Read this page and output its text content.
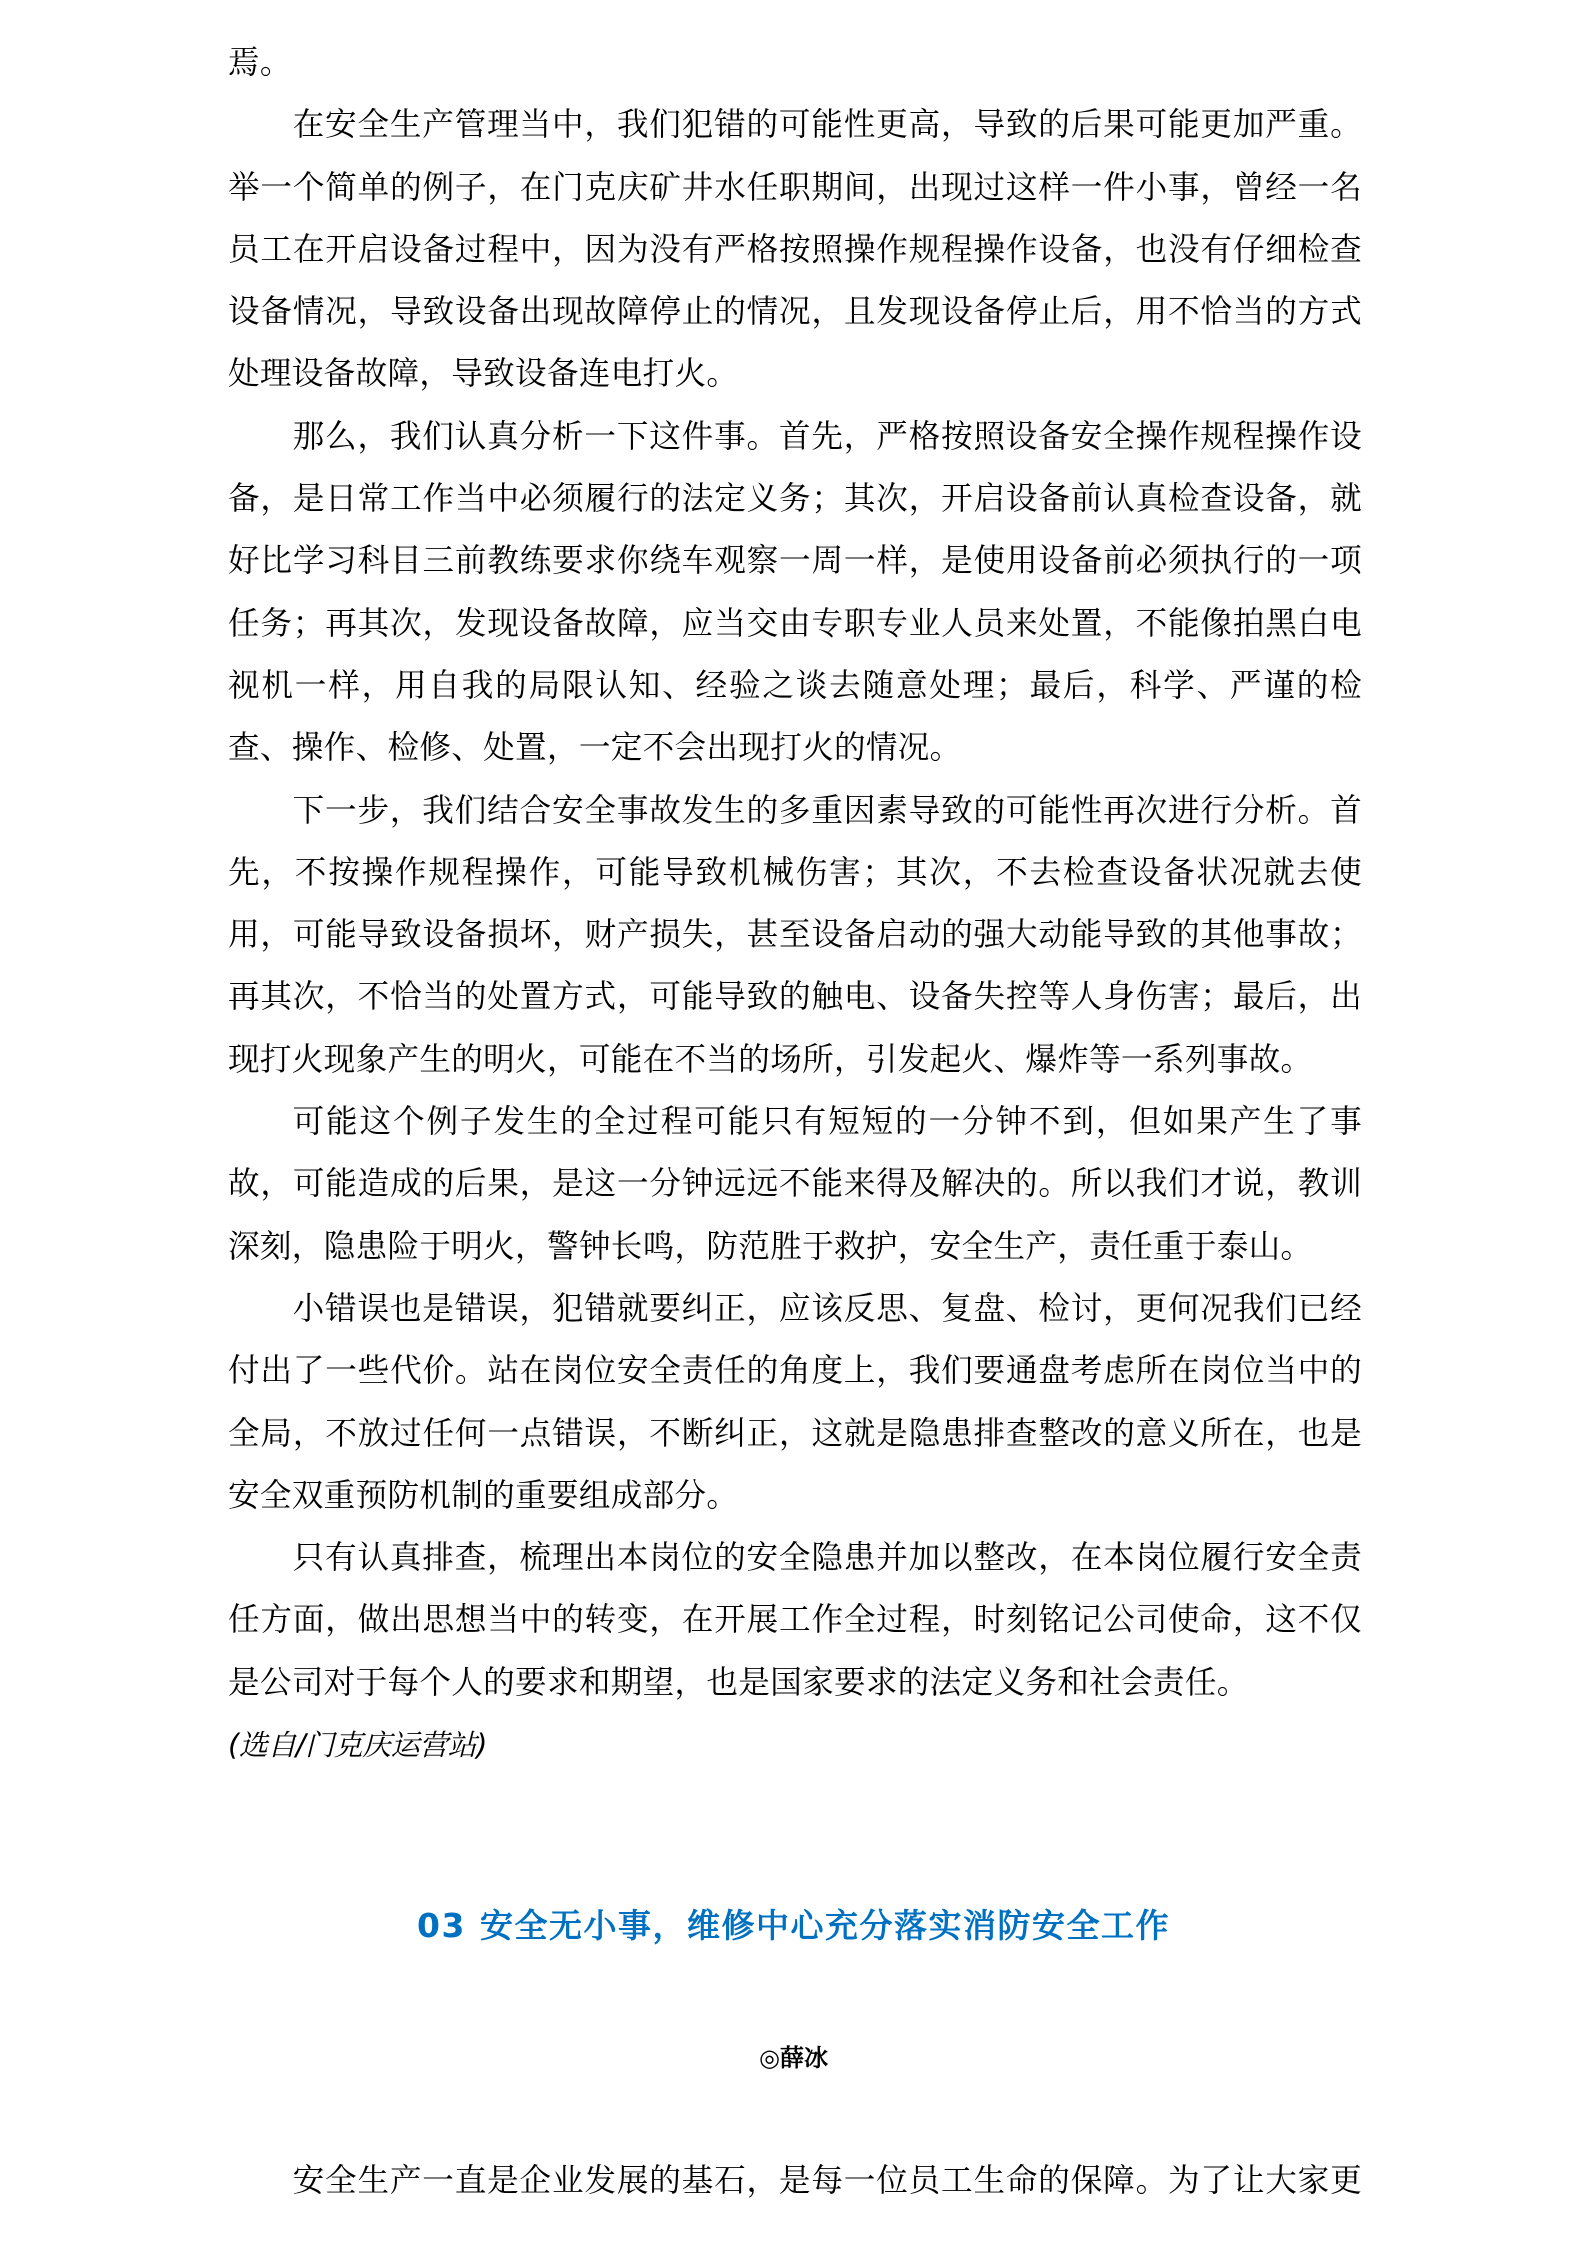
焉。

在安全生产管理当中，我们犯错的可能性更高，导致的后果可能更加严重。举一个简单的例子，在门克庆矿井水任职期间，出现过这样一件小事，曾经一名员工在开启设备过程中，因为没有严格按照操作规程操作设备，也没有仔细检查设备情况，导致设备出现故障停止的情况，且发现设备停止后，用不恰当的方式处理设备故障，导致设备连电打火。

那么，我们认真分析一下这件事。首先，严格按照设备安全操作规程操作设备，是日常工作当中必须履行的法定义务；其次，开启设备前认真检查设备，就好比学习科目三前教练要求你绕车观察一周一样，是使用设备前必须执行的一项任务；再其次，发现设备故障，应当交由专职专业人员来处置，不能像拍黑白电视机一样，用自我的局限认知、经验之谈去随意处理；最后，科学、严谨的检查、操作、检修、处置，一定不会出现打火的情况。

下一步，我们结合安全事故发生的多重因素导致的可能性再次进行分析。首先，不按操作规程操作，可能导致机械伤害；其次，不去检查设备状况就去使用，可能导致设备损坏，财产损失，甚至设备启动的强大动能导致的其他事故；再其次，不恰当的处置方式，可能导致的触电、设备失控等人身伤害；最后，出现打火现象产生的明火，可能在不当的场所，引发起火、爆炸等一系列事故。

可能这个例子发生的全过程可能只有短短的一分钟不到，但如果产生了事故，可能造成的后果，是这一分钟远远不能来得及解决的。所以我们才说，教训深刻，隐患险于明火，警钟长鸣，防范胜于救护，安全生产，责任重于泰山。

小错误也是错误，犯错就要纠正，应该反思、复盘、检讨，更何况我们已经付出了一些代价。站在岗位安全责任的角度上，我们要通盘考虑所在岗位当中的全局，不放过任何一点错误，不断纠正，这就是隐患排查整改的意义所在，也是安全双重预防机制的重要组成部分。

只有认真排查，梳理出本岗位的安全隐患并加以整改，在本岗位履行安全责任方面，做出思想当中的转变，在开展工作全过程，时刻铭记公司使命，这不仅是公司对于每个人的要求和期望，也是国家要求的法定义务和社会责任。

(选自/门克庆运营站)

03 安全无小事，维修中心充分落实消防安全工作
◎薛冰

安全生产一直是企业发展的基石，是每一位员工生命的保障。为了让大家更
